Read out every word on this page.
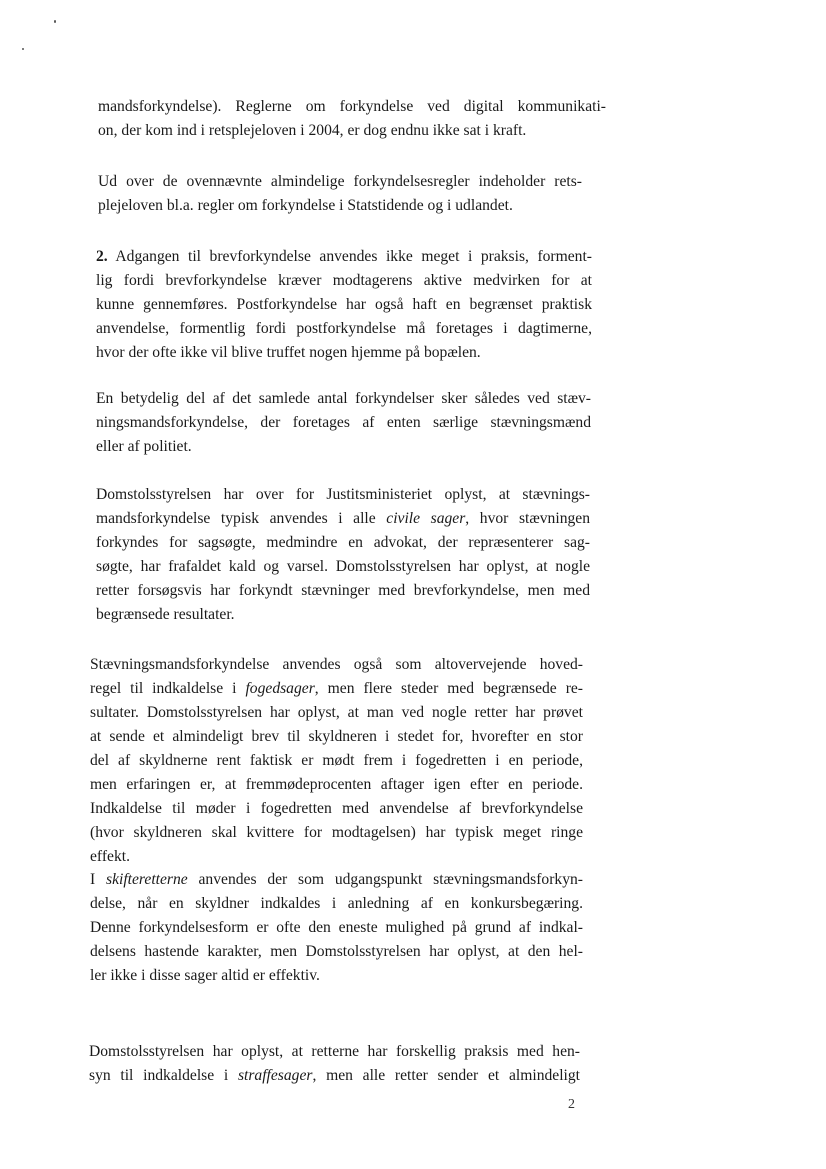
mandsforkyndelse). Reglerne om forkyndelse ved digital kommunikati-
on, der kom ind i retsplejeloven i 2004, er dog endnu ikke sat i kraft.

Ud over de ovennævnte almindelige forkyndelsesregler indeholder rets-
plejeloven bl.a. regler om forkyndelse i Statstidende og i udlandet.

2. Adgangen til brevforkyndelse anvendes ikke meget i praksis, forment-
lig fordi brevforkyndelse kræver modtagerens aktive medvirken for at
kunne gennemføres. Postforkyndelse har også haft en begrænset praktisk
anvendelse, formentlig fordi postforkyndelse må foretages i dagtimerne,
hvor der ofte ikke vil blive truffet nogen hjemme på bopælen.

En betydelig del af det samlede antal forkyndelser sker således ved stæv-
ningsmandsforkyndelse, der foretages af enten særlige stævningsmænd
eller af politiet.

Domstolsstyrelsen har over for Justitsministeriet oplyst, at stævnings-
mandsforkyndelse typisk anvendes i alle civile sager, hvor stævningen
forkyndes for sagsøgte, medmindre en advokat, der repræsenterer sag-
søgte, har frafaldet kald og varsel. Domstolsstyrelsen har oplyst, at nogle
retter forsøgsvis har forkyndt stævninger med brevforkyndelse, men med
begrænsede resultater.

Stævningsmandsforkyndelse anvendes også som altovervejende hoved-
regel til indkaldelse i fogedsager, men flere steder med begrænsede re-
sultater. Domstolsstyrelsen har oplyst, at man ved nogle retter har prøvet
at sende et almindeligt brev til skyldneren i stedet for, hvorefter en stor
del af skyldnerne rent faktisk er mødt frem i fogedretten i en periode,
men erfaringen er, at fremmødeprocenten aftager igen efter en periode.
Indkaldelse til møder i fogedretten med anvendelse af brevforkyndelse
(hvor skyldneren skal kvittere for modtagelsen) har typisk meget ringe
effekt.

I skifteretterne anvendes der som udgangspunkt stævningsmandsforkyn-
delse, når en skyldner indkaldes i anledning af en konkursbegæring.
Denne forkyndelsesform er ofte den eneste mulighed på grund af indkal-
delsens hastende karakter, men Domstolsstyrelsen har oplyst, at den hel-
ler ikke i disse sager altid er effektiv.

Domstolsstyrelsen har oplyst, at retterne har forskellig praksis med hen-
syn til indkaldelse i straffesager, men alle retter sender et almindeligt

2
